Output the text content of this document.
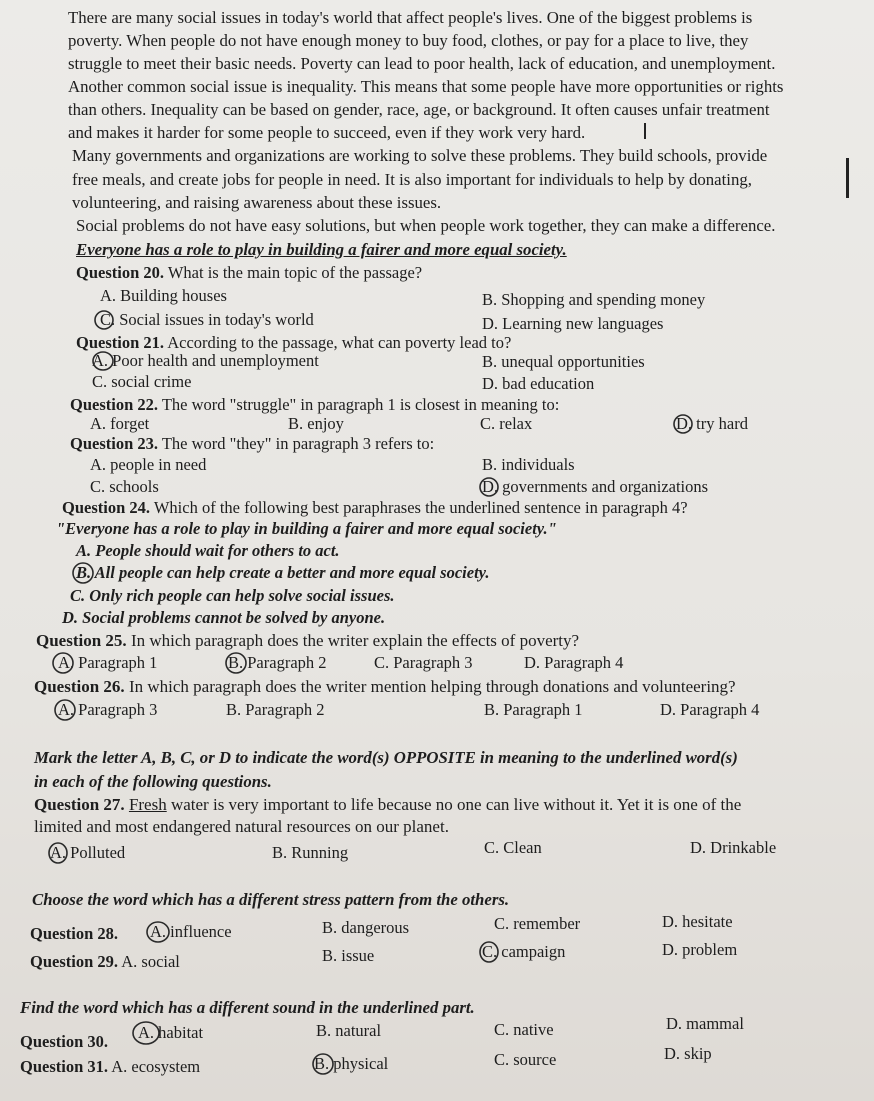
There are many social issues in today's world that affect people's lives. One of the biggest problems is
poverty. When people do not have enough money to buy food, clothes, or pay for a place to live, they
struggle to meet their basic needs. Poverty can lead to poor health, lack of education, and unemployment.
Another common social issue is inequality. This means that some people have more opportunities or rights
than others. Inequality can be based on gender, race, age, or background. It often causes unfair treatment
and makes it harder for some people to succeed, even if they work very hard.
Many governments and organizations are working to solve these problems. They build schools, provide
free meals, and create jobs for people in need. It is also important for individuals to help by donating,
volunteering, and raising awareness about these issues.
Social problems do not have easy solutions, but when people work together, they can make a difference.
Everyone has a role to play in building a fairer and more equal society.
Question 20. What is the main topic of the passage?
A. Building houses	B. Shopping and spending money
C. Social issues in today's world	D. Learning new languages
Question 21. According to the passage, what can poverty lead to?
A. Poor health and unemployment	B. unequal opportunities
C. social crime	D. bad education
Question 22. The word "struggle" in paragraph 1 is closest in meaning to:
A. forget	B. enjoy	C. relax	D. try hard
Question 23. The word "they" in paragraph 3 refers to:
A. people in need	B. individuals
C. schools	D. governments and organizations
Question 24. Which of the following best paraphrases the underlined sentence in paragraph 4?
"Everyone has a role to play in building a fairer and more equal society."
A. People should wait for others to act.
B. All people can help create a better and more equal society.
C. Only rich people can help solve social issues.
D. Social problems cannot be solved by anyone.
Question 25. In which paragraph does the writer explain the effects of poverty?
A. Paragraph 1	B. Paragraph 2	C. Paragraph 3	D. Paragraph 4
Question 26. In which paragraph does the writer mention helping through donations and volunteering?
A. Paragraph 3	B. Paragraph 2	B. Paragraph 1	D. Paragraph 4
Mark the letter A, B, C, or D to indicate the word(s) OPPOSITE in meaning to the underlined word(s)
in each of the following questions.
Question 27. Fresh water is very important to life because no one can live without it. Yet it is one of the
limited and most endangered natural resources on our planet.
A. Polluted	B. Running	C. Clean	D. Drinkable
Choose the word which has a different stress pattern from the others.
Question 28. A. influence	B. dangerous	C. remember	D. hesitate
Question 29. A. social	B. issue	C. campaign	D. problem
Find the word which has a different sound in the underlined part.
Question 30. A. habitat	B. natural	C. native	D. mammal
Question 31. A. ecosystem	B. physical	C. source	D. skip
